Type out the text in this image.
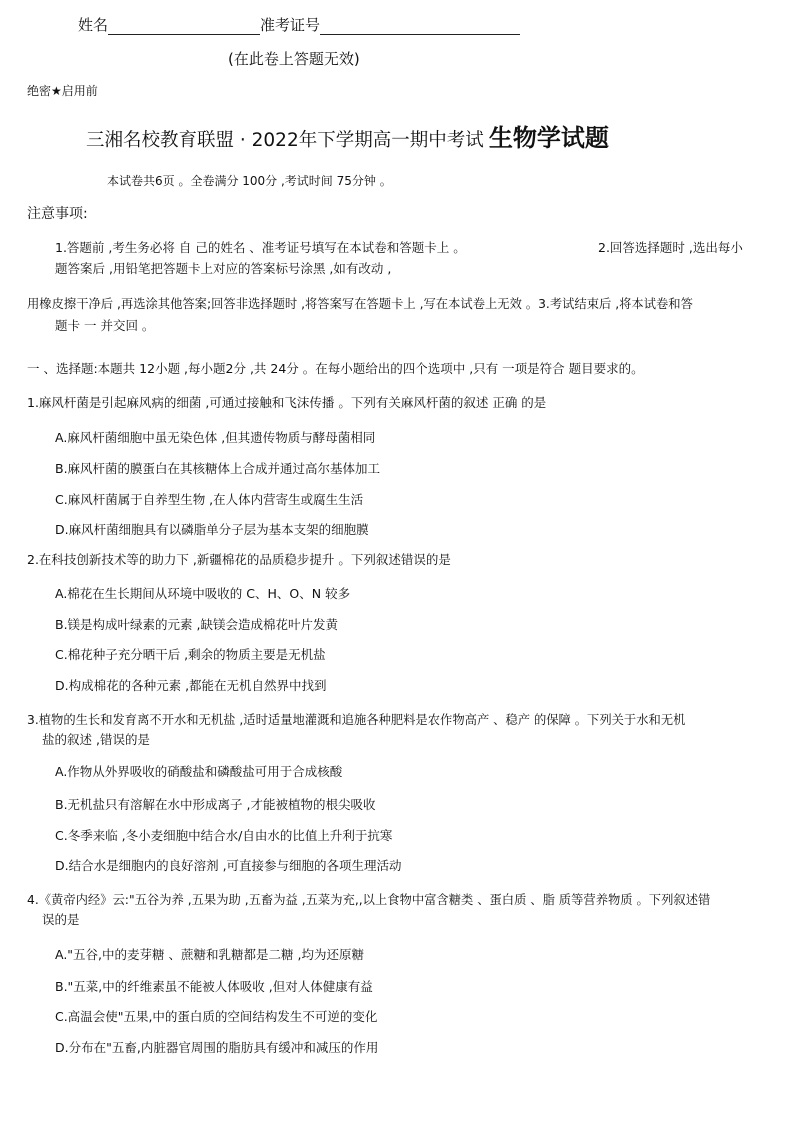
姓名	准考证号
(在此卷上答题无效)
绝密★启用前
三湘名校教育联盟 · 2022年下学期高一期中考试 生物学试题
本试卷共6页 。全卷满分 100分 ,考试时间 75分钟 。
注意事项:
1.答题前 ,考生务必将 自 己的姓名 、准考证号填写在本试卷和答题卡上 。	2.回答选择题时 ,选出每小
题答案后 ,用铅笔把答题卡上对应的答案标号涂黑 ,如有改动 ,
用橡皮擦干净后 ,再选涂其他答案;回答非选择题时 ,将答案写在答题卡上 ,写在本试卷上无效 。3.考试结束后 ,将本试卷和答
题卡 一 并交回 。
一 、选择题:本题共 12小题 ,每小题2分 ,共 24分 。在每小题给出的四个选项中 ,只有 一项是符合 题目要求的。
1.麻风杆菌是引起麻风病的细菌 ,可通过接触和飞沫传播 。下列有关麻风杆菌的叙述 正确 的是
A.麻风杆菌细胞中虽无染色体 ,但其遗传物质与酵母菌相同
B.麻风杆菌的膜蛋白在其核糖体上合成并通过高尔基体加工
C.麻风杆菌属于自养型生物 ,在人体内营寄生或腐生生活
D.麻风杆菌细胞具有以磷脂单分子层为基本支架的细胞膜
2.在科技创新技术等的助力下 ,新疆棉花的品质稳步提升 。下列叙述错误的是
A.棉花在生长期间从环境中吸收的 C、H、O、N 较多
B.镁是构成叶绿素的元素 ,缺镁会造成棉花叶片发黄
C.棉花种子充分晒干后 ,剩余的物质主要是无机盐
D.构成棉花的各种元素 ,都能在无机自然界中找到
3.植物的生长和发育离不开水和无机盐 ,适时适量地灌溉和追施各种肥料是农作物高产 、稳产 的保障 。下列关于水和无机
盐的叙述 ,错误的是
A.作物从外界吸收的硝酸盐和磷酸盐可用于合成核酸
B.无机盐只有溶解在水中形成离子 ,才能被植物的根尖吸收
C.冬季来临 ,冬小麦细胞中结合水/自由水的比值上升利于抗寒
D.结合水是细胞内的良好溶剂 ,可直接参与细胞的各项生理活动
4.《黄帝内经》云:"五谷为养 ,五果为助 ,五畜为益 ,五菜为充,,以上食物中富含糖类 、蛋白质 、脂 质等营养物质 。下列叙述错
误的是
A."五谷,中的麦芽糖 、蔗糖和乳糖都是二糖 ,均为还原糖
B."五菜,中的纤维素虽不能被人体吸收 ,但对人体健康有益
C.高温会使"五果,中的蛋白质的空间结构发生不可逆的变化
D.分布在"五畜,内脏器官周围的脂肪具有缓冲和减压的作用
